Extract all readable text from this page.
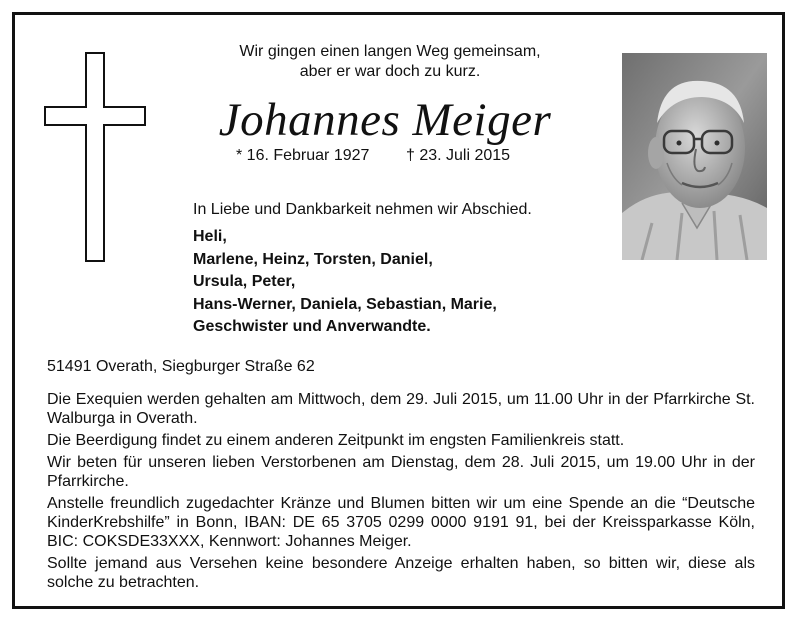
Wir gingen einen langen Weg gemeinsam,
aber er war doch zu kurz.
Johannes Meiger
* 16. Februar 1927 † 23. Juli 2015
In Liebe und Dankbarkeit nehmen wir Abschied.
Heli,
Marlene, Heinz, Torsten, Daniel,
Ursula, Peter,
Hans-Werner, Daniela, Sebastian, Marie,
Geschwister und Anverwandte.
51491 Overath, Siegburger Straße 62

Die Exequien werden gehalten am Mittwoch, dem 29. Juli 2015, um 11.00 Uhr in der Pfarrkirche St. Walburga in Overath.

Die Beerdigung findet zu einem anderen Zeitpunkt im engsten Familienkreis statt.

Wir beten für unseren lieben Verstorbenen am Dienstag, dem 28. Juli 2015, um 19.00 Uhr in der Pfarrkirche.

Anstelle freundlich zugedachter Kränze und Blumen bitten wir um eine Spende an die “Deutsche KinderKrebshilfe” in Bonn, IBAN: DE 65 3705 0299 0000 9191 91, bei der Kreissparkasse Köln, BIC: COKSDE33XXX, Kennwort: Johannes Meiger.

Sollte jemand aus Versehen keine besondere Anzeige erhalten haben, so bitten wir, diese als solche zu betrachten.
